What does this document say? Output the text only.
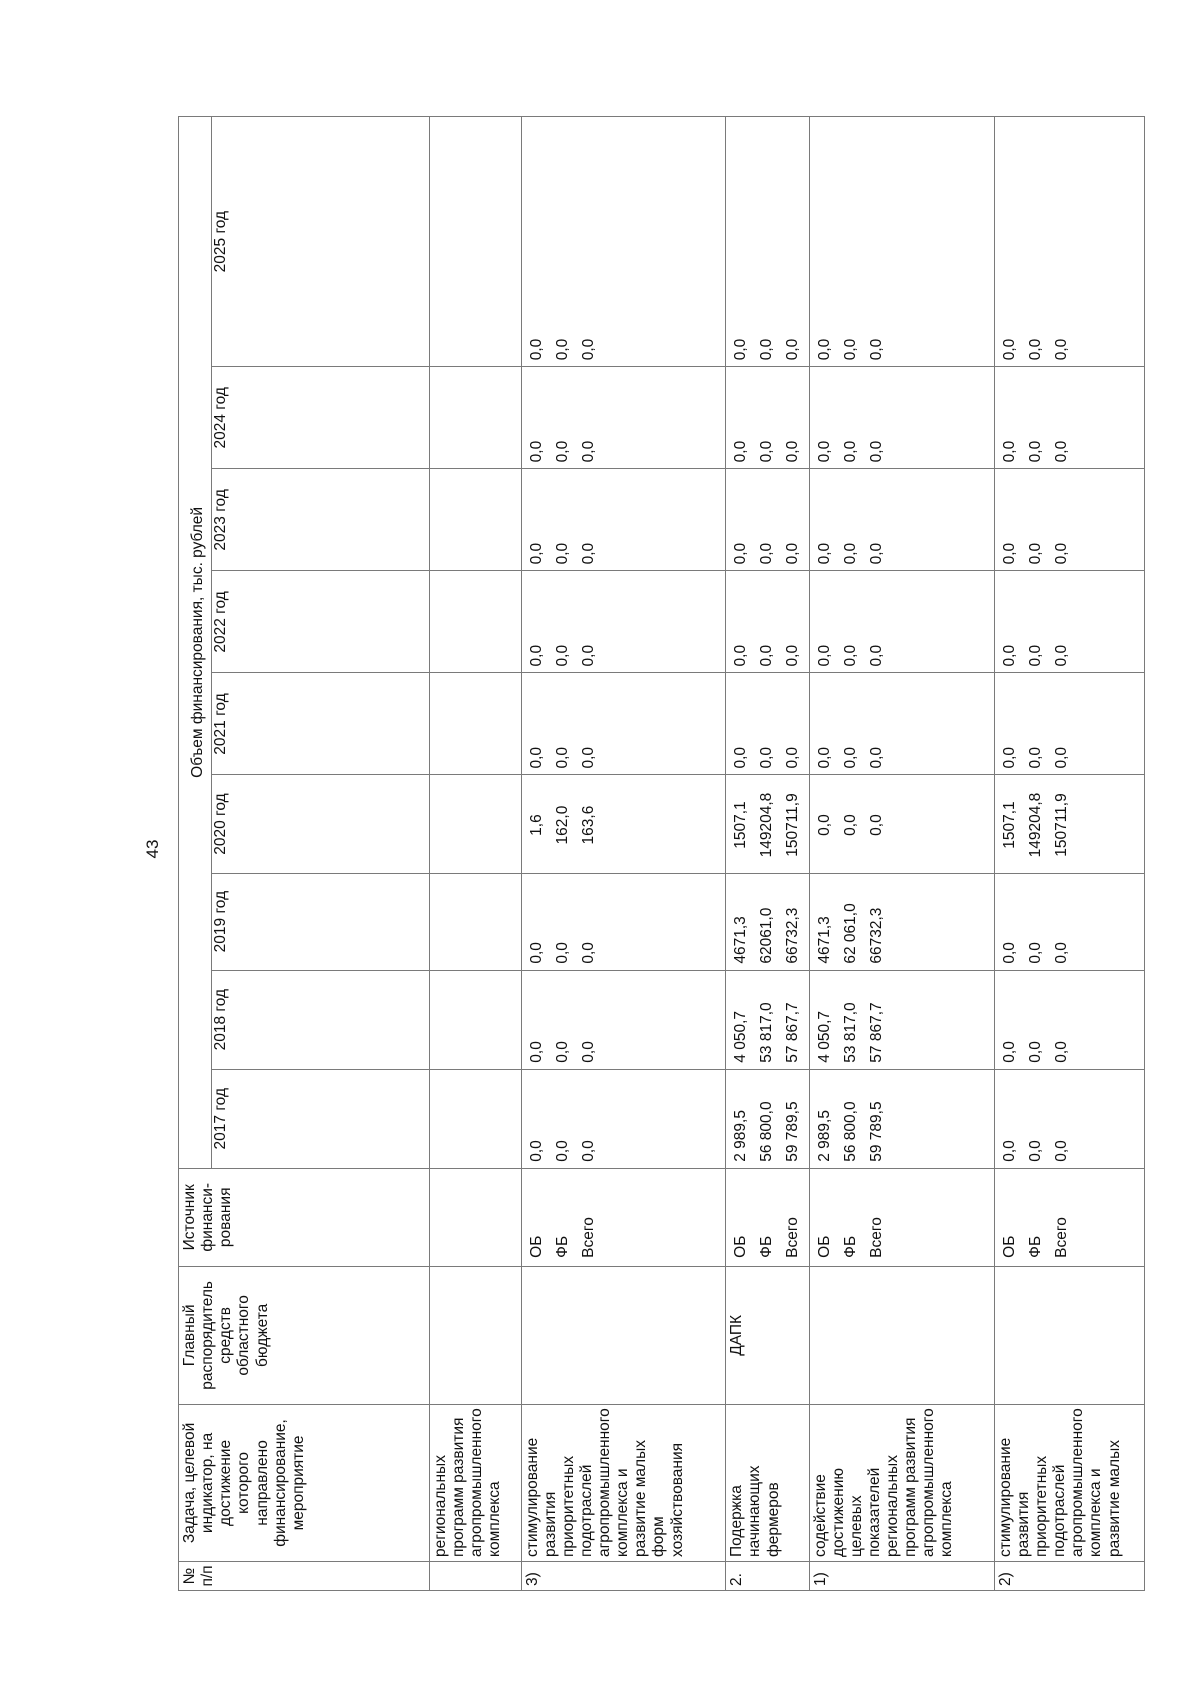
43
№ п/п	Задача, целевой индикатор, на достижение которого направлено финансирование, мероприятие	Главный распорядитель средств областного бюджета	Источник финанси-рования	Объем финансирования, тыс. рублей								
				2017 год	2018 год	2019 год	2020 год	2021 год	2022 год	2023 год	2024 год	2025 год
	региональных программ развития агропромышленного комплекса											
3)	стимулирование развития приоритетных подотраслей агропромышленного комплекса и развитие малых форм хозяйствования		ОБ ФБ Всего	0,0 0,0 0,0	0,0 0,0 0,0	0,0 0,0 0,0	1,6 162,0 163,6	0,0 0,0 0,0	0,0 0,0 0,0	0,0 0,0 0,0	0,0 0,0 0,0	0,0 0,0 0,0

2.	Подержка начинающих фермеров	ДАПК	ОБ ФБ Всего	2 989,5 56 800,0 59 789,5	4 050,7 53 817,0 57 867,7	4671,3 62061,0 66732,3	1507,1 149204,8 150711,9	0,0 0,0 0,0	0,0 0,0 0,0	0,0 0,0 0,0	0,0 0,0 0,0	0,0 0,0 0,0

1)	содействие достижению целевых показателей региональных программ развития агропромышленного комплекса		ОБ ФБ Всего	2 989,5 56 800,0 59 789,5	4 050,7 53 817,0 57 867,7	4671,3 62 061,0 66732,3	0,0 0,0 0,0	0,0 0,0 0,0	0,0 0,0 0,0	0,0 0,0 0,0	0,0 0,0 0,0	0,0 0,0 0,0

2)	стимулирование развития приоритетных подотраслей агропромышленного комплекса и развитие малых		ОБ ФБ Всего	0,0 0,0 0,0	0,0 0,0 0,0	0,0 0,0 0,0	1507,1 149204,8 150711,9	0,0 0,0 0,0	0,0 0,0 0,0	0,0 0,0 0,0	0,0 0,0 0,0	0,0 0,0 0,0
